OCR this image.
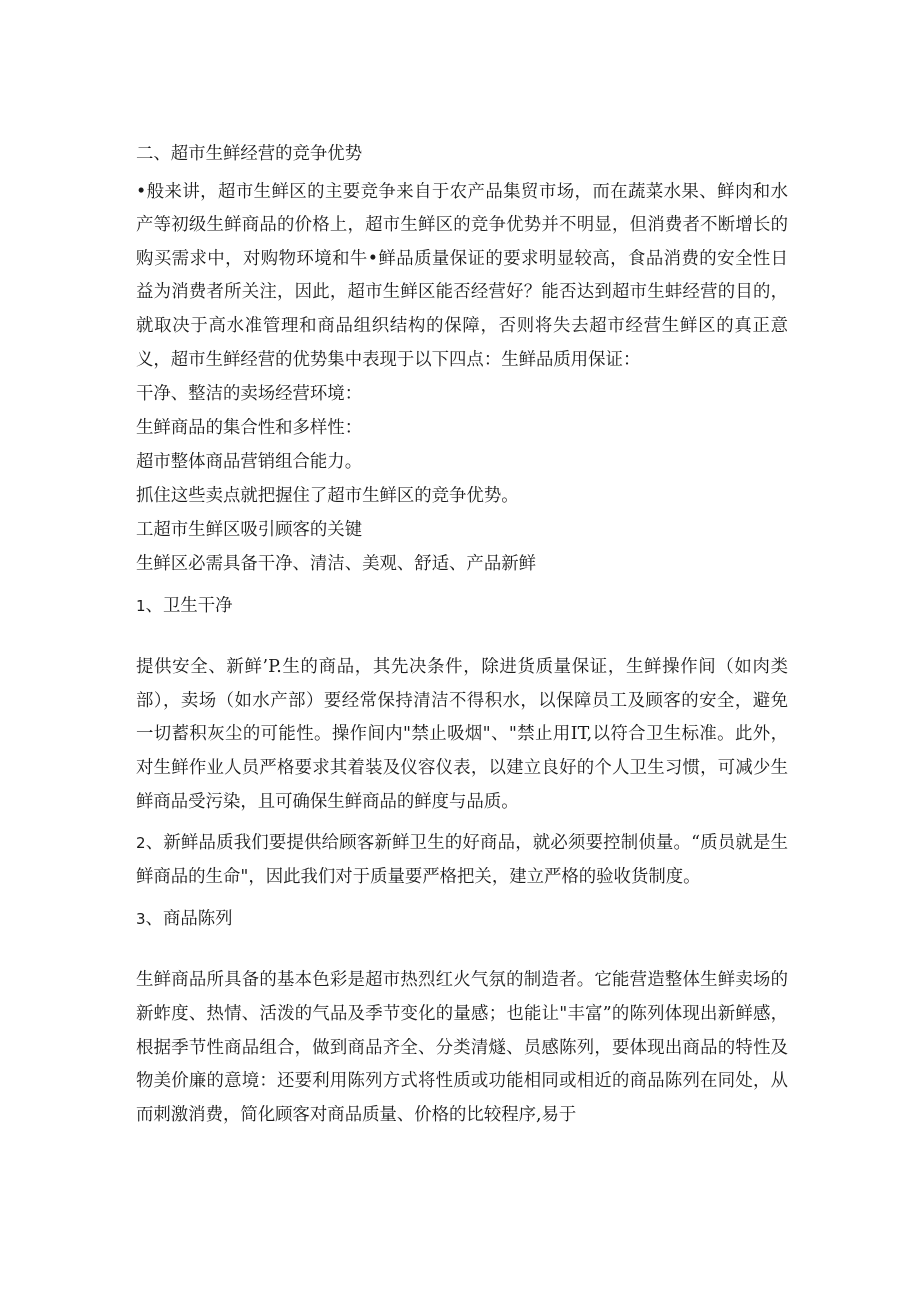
二、超市生鲜经营的竞争优势

•般来讲，超市生鲜区的主要竞争来自于农产品集贸市场，而在蔬菜水果、鲜肉和水产等初级生鲜商品的价格上，超市生鲜区的竞争优势并不明显，但消费者不断增长的购买需求中，对购物环境和牛•鲜品质量保证的要求明显较高，食品消费的安全性日益为消费者所关注，因此，超市生鲜区能否经营好？能否达到超市生蚌经营的目的，就取决于高水准管理和商品组织结构的保障，否则将失去超市经营生鲜区的真正意义，超市生鲜经营的优势集中表现于以下四点：生鲜品质用保证：

干净、整洁的卖场经营环境：

生鲜商品的集合性和多样性：

超市整体商品营销组合能力。

抓住这些卖点就把握住了超市生鲜区的竞争优势。

工超市生鲜区吸引顾客的关键

生鲜区必需具备干净、清洁、美观、舒适、产品新鲜

1、卫生干净

提供安全、新鲜’P.生的商品，其先决条件，除进货质量保证，生鲜操作间（如肉类部），卖场（如水产部）要经常保持清洁不得积水，以保障员工及顾客的安全，避免一切蓄积灰尘的可能性。操作间内"禁止吸烟"、"禁止用IT,以符合卫生标准。此外，对生鲜作业人员严格要求其着装及仪容仪表，以建立良好的个人卫生习惯，可减少生鲜商品受污染，且可确保生鲜商品的鲜度与品质。

2、新鲜品质我们要提供给顾客新鲜卫生的好商品，就必须要控制侦量。“质员就是生鲜商品的生命"，因此我们对于质量要严格把关，建立严格的验收货制度。

3、商品陈列

生鲜商品所具备的基本色彩是超市热烈红火气氛的制造者。它能营造整体生鲜卖场的新蚱度、热情、活泼的气品及季节变化的量感；也能让"丰富”的陈列体现出新鲜感，根据季节性商品组合，做到商品齐全、分类清燧、员感陈列，要体现出商品的特性及物美价廉的意境：还要利用陈列方式将性质或功能相同或相近的商品陈列在同处，从而刺激消费，简化顾客对商品质量、价格的比较程序,易于
